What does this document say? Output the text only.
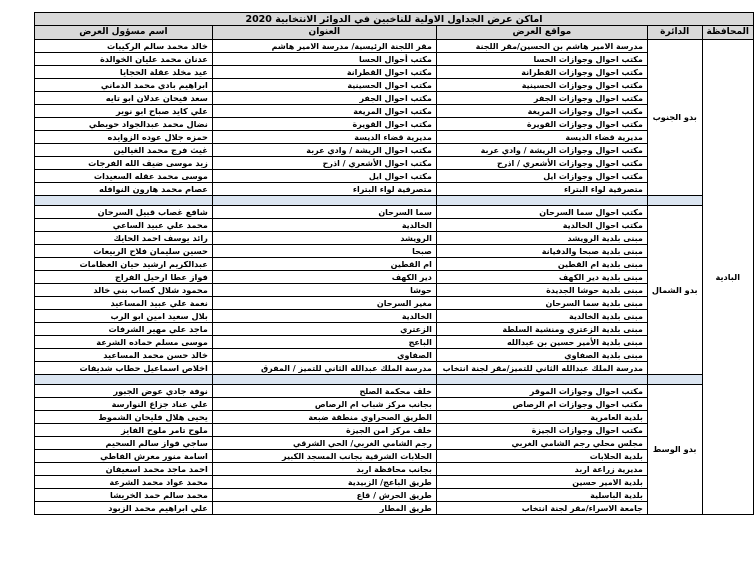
اماكن عرض الجداول الاولية للناخبين في الدوائر الانتخابية 2020				
المحافظة	الدائرة	مواقع العرض	العنوان	اسم مسؤول العرض
البادية	بدو الجنوب	مدرسة الامير هاشم بن الحسين/مقر اللجنة	مقر اللجنة الرئيسية/ مدرسة الامير هاشم	خالد محمد سالم الركيبات
		مكتب احوال وجوازات الحسا	مكتب أحوال الحسا	عدنان محمد عليان الخوالدة
		مكتب احوال وجوازات القطرانة	مكتب احوال القطرانة	عيد مخلد عقلة الحجايا
		مكتب احوال وجوازات الحسينية	مكتب احوال الحسينية	ابراهيم بادي محمد الدماني
		مكتب احوال وجوازات الجفر	مكتب احوال الجفر	سعد فيحان عدلان ابو تايه
		مكتب احوال وجوازات المريغة	مكتب احوال المريغة	علي كايد صباح ابو نوير
		مكتب احوال وجوازات القويرة	مكتب احوال القويرة	نضال محمد عبدالجواد حويطي
		مديرية قضاء الديسة	مديرية قضاء الديسة	حمزه جلال عوده الزوايده
		مكتب احوال وجوازات الريشة / وادي عربة	مكتب احوال الريشة / وادي عربة	غيث فرج محمد الغيالين
		مكتب احوال وجوازات الأشعري / اذرح	مكتب احوال الأشعري / اذرح	زيد موسى ضيف الله الفرجات
		مكتب احوال وجوازات ايل	مكتب احوال ايل	موسى محمد عقله السعيدات
		متصرفية لواء البتراء	متصرفية لواء البتراء	عصام محمد هارون النوافله

	بدو الشمال	مكتب احوال سما السرحان	سما السرحان	شافع غصاب قبيل السرحان
		مكتب احوال الخالدية	الخالدية	محمد علي عبيد الساعي
		مبنى بلدية الرويشد	الرويشد	رائد يوسف احمد الحايك
		مبنى بلدية صبحا والدفيانة	صبحا	حسين سليمان فلاح الربيعات
		مبنى بلدية ام القطين	ام القطين	عبدالكريم ارشيد حيان العظامات
		مبنى بلدية دير الكهف	دير الكهف	فواز عطا ارحيل الفراج
		مبنى بلدية حوشا الجديدة	حوشا	محمود شلال كساب بني خالد
		مبنى بلدية سما السرحان	مغير السرحان	نعمة علي عبيد المساعيد
		مبنى بلدية الخالدية	الخالدية	بلال سعيد امين ابو الرب
		مبنى بلدية الزعتري ومنشية السلطة	الزعتري	ماجد علي مهير الشرفات
		مبنى بلدية الأمير حسين بن عبدالله	الباعج	موسى مسلم حماده الشرعة
		مبنى بلدية الصفاوي	الصفاوي	خالد حسن محمد المساعيد
		مدرسة الملك عبدالله الثاني للتميز/مقر لجنة انتخاب	مدرسة الملك عبدالله الثاني للتميز / المفرق	اخلاص اسماعيل حطاب شديفات

	بدو الوسط	مكتب احوال وجوازات الموقر	خلف محكمة الصلح	نوفة جادي عوض الجبور
		مكتب احوال وجوازات ام الرصاص	بجانب مركز شباب ام الرصاص	علي عناد جزاع النوارسة
		بلدية العامرية	الطريق الصحراوي منطقة ضبعة	يحيى هلال فليحان الشموط
		مكتب احوال وجوازات الجيزة	خلف مركز امن الجيزة	ملوح تامر ملوح الفايز
		مجلس محلي رجم الشامي الغربي	رجم الشامي الغربي/ الحي الشرقي	ساجي فواز سالم السحيم
		بلدية الحلابات	الحلابات الشرقية بجانب المسجد الكبير	اسامة منور معرش الفاطي
		مديرية زراعة اربد	بجانب محافظة اربد	احمد ماجد محمد اسعيفان
		بلدية الامير حسين	طريق الباعج/ الزبيدية	محمد عواد محمد الشرعة
		بلدية الباسلية	طريق الحرش / قاع	محمد سالم حمد الخريشا
		جامعة الاسراء/مقر لجنة انتخاب	طريق المطار	علي ابراهيم محمد الزبود
